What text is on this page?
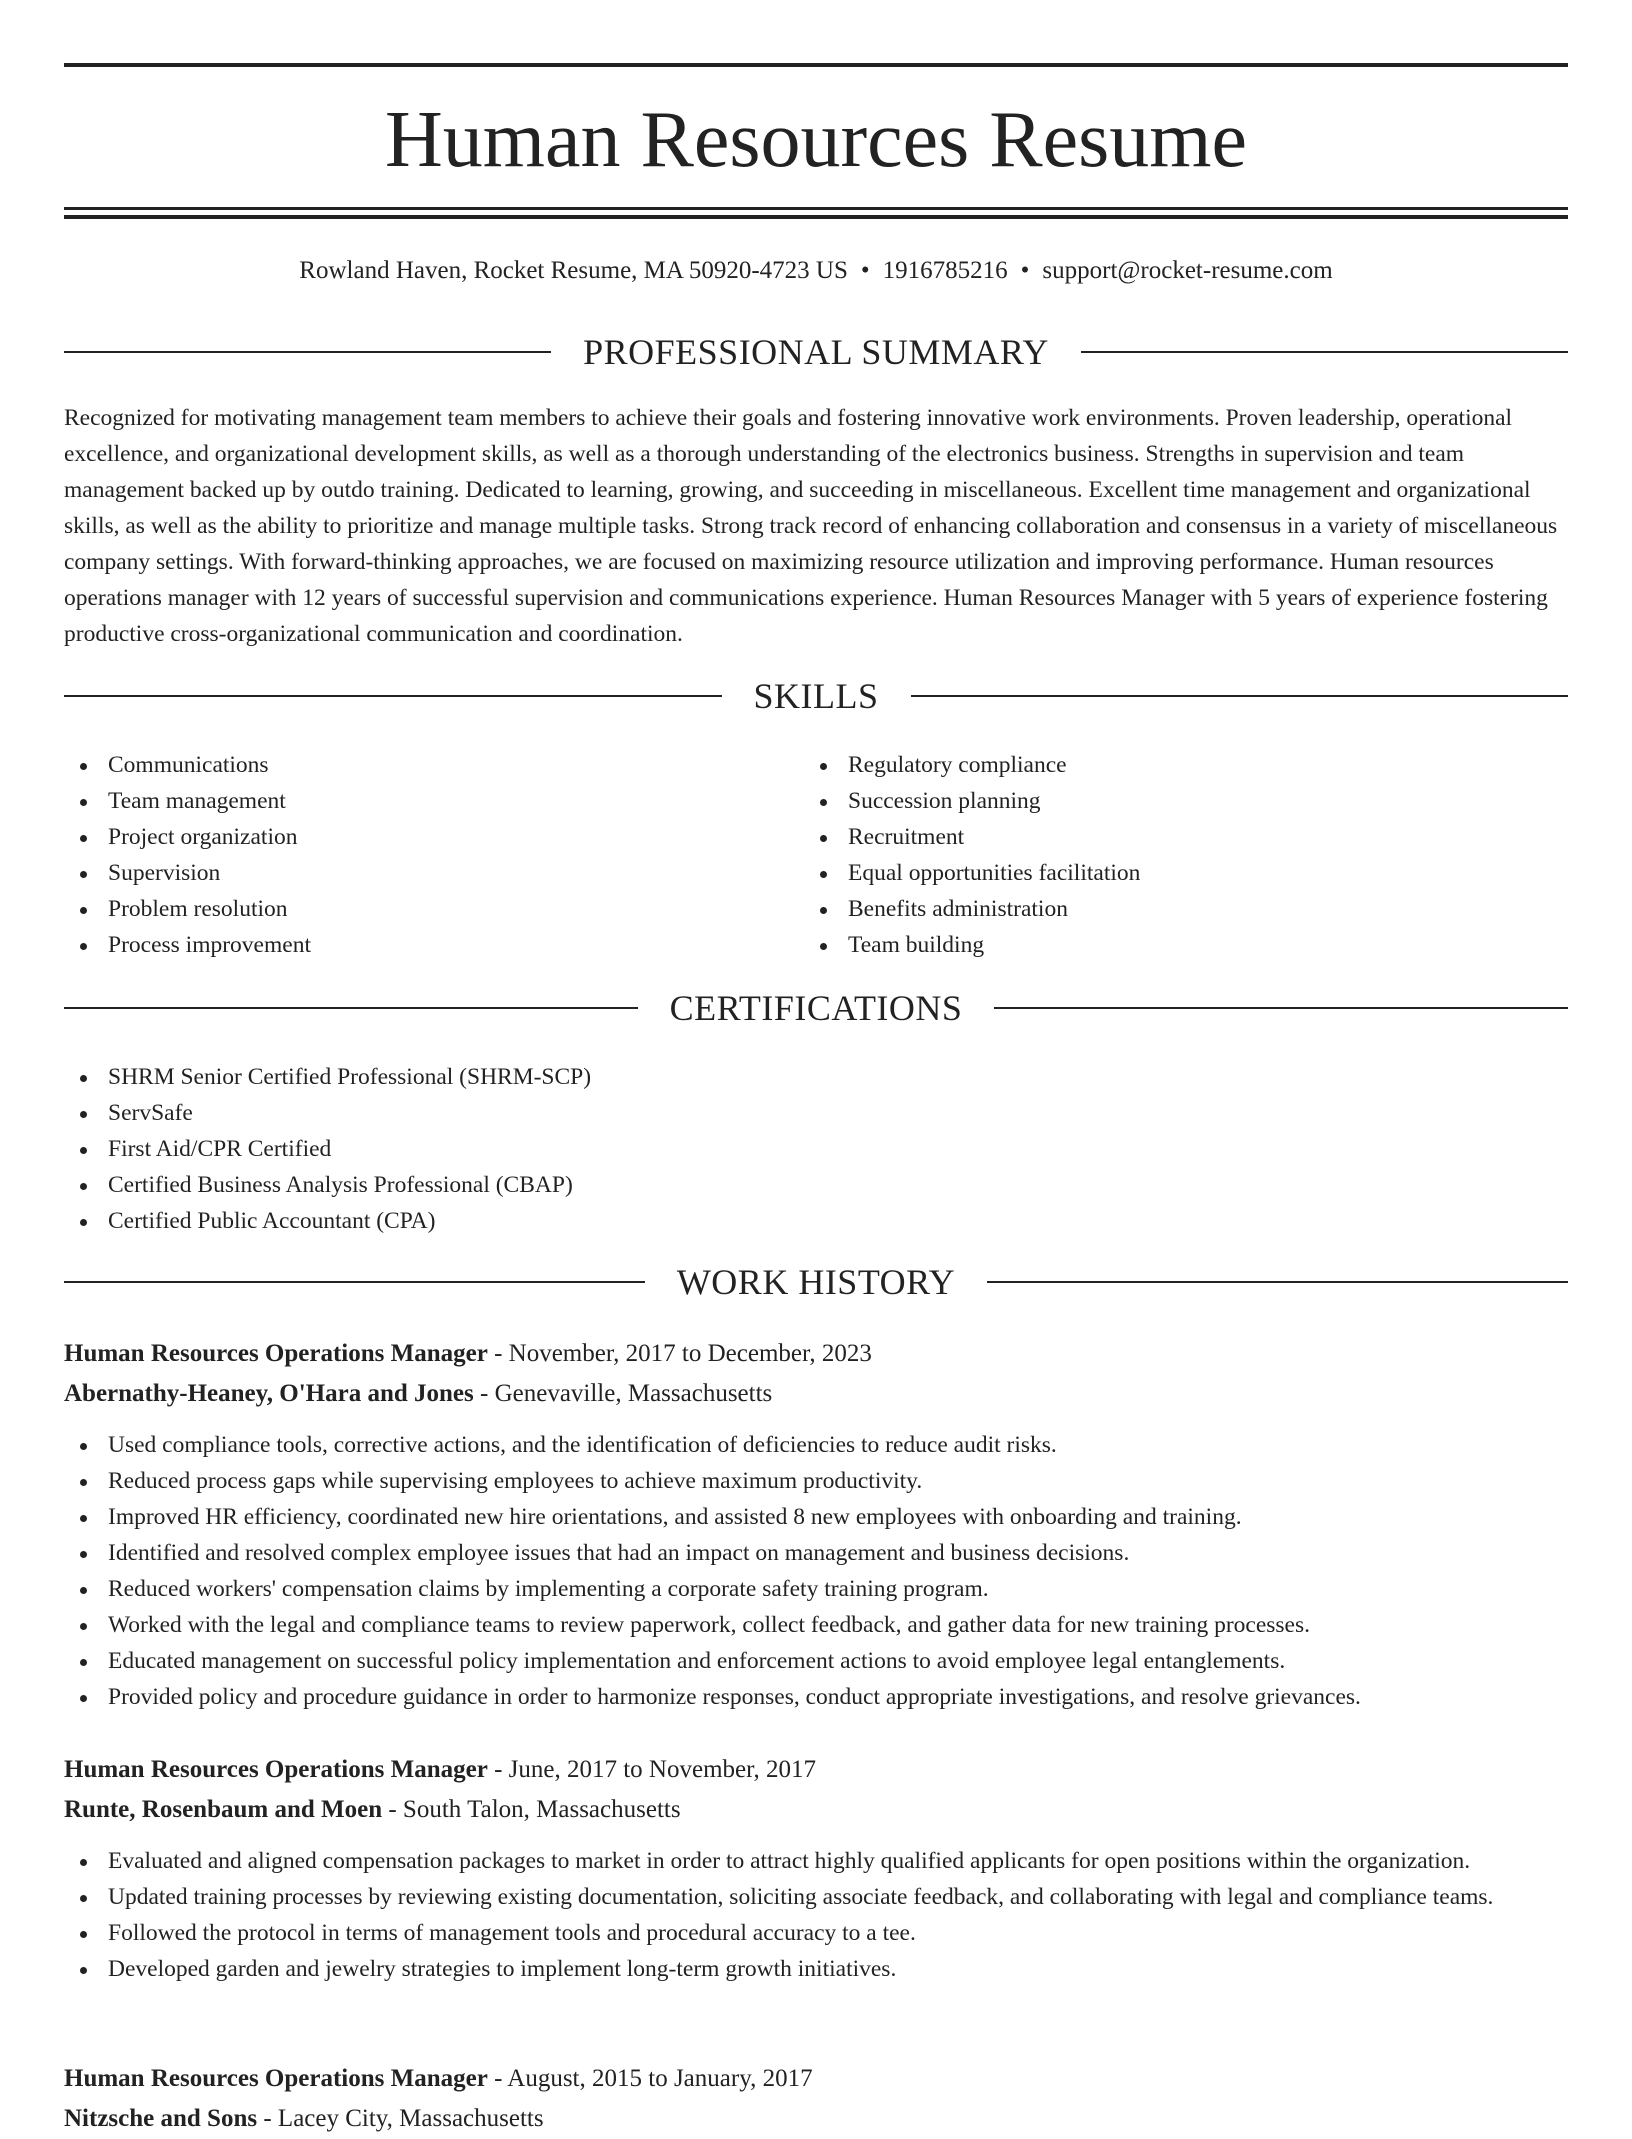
Human Resources Resume
Rowland Haven, Rocket Resume, MA 50920-4723 US • 1916785216 • support@rocket-resume.com
PROFESSIONAL SUMMARY

Recognized for motivating management team members to achieve their goals and fostering innovative work environments. Proven leadership, operational excellence, and organizational development skills, as well as a thorough understanding of the electronics business. Strengths in supervision and team management backed up by outdo training. Dedicated to learning, growing, and succeeding in miscellaneous. Excellent time management and organizational skills, as well as the ability to prioritize and manage multiple tasks. Strong track record of enhancing collaboration and consensus in a variety of miscellaneous company settings. With forward-thinking approaches, we are focused on maximizing resource utilization and improving performance. Human resources operations manager with 12 years of successful supervision and communications experience. Human Resources Manager with 5 years of experience fostering productive cross-organizational communication and coordination.

SKILLS
Communications
Team management
Project organization
Supervision
Problem resolution
Process improvement
Regulatory compliance
Succession planning
Recruitment
Equal opportunities facilitation
Benefits administration
Team building
CERTIFICATIONS
SHRM Senior Certified Professional (SHRM-SCP)
ServSafe
First Aid/CPR Certified
Certified Business Analysis Professional (CBAP)
Certified Public Accountant (CPA)
WORK HISTORY
Human Resources Operations Manager - November, 2017 to December, 2023
Abernathy-Heaney, O'Hara and Jones - Genevaville, Massachusetts
Used compliance tools, corrective actions, and the identification of deficiencies to reduce audit risks.
Reduced process gaps while supervising employees to achieve maximum productivity.
Improved HR efficiency, coordinated new hire orientations, and assisted 8 new employees with onboarding and training.
Identified and resolved complex employee issues that had an impact on management and business decisions.
Reduced workers' compensation claims by implementing a corporate safety training program.
Worked with the legal and compliance teams to review paperwork, collect feedback, and gather data for new training processes.
Educated management on successful policy implementation and enforcement actions to avoid employee legal entanglements.
Provided policy and procedure guidance in order to harmonize responses, conduct appropriate investigations, and resolve grievances.
Human Resources Operations Manager - June, 2017 to November, 2017
Runte, Rosenbaum and Moen - South Talon, Massachusetts
Evaluated and aligned compensation packages to market in order to attract highly qualified applicants for open positions within the organization.
Updated training processes by reviewing existing documentation, soliciting associate feedback, and collaborating with legal and compliance teams.
Followed the protocol in terms of management tools and procedural accuracy to a tee.
Developed garden and jewelry strategies to implement long-term growth initiatives.
Human Resources Operations Manager - August, 2015 to January, 2017
Nitzsche and Sons - Lacey City, Massachusetts
